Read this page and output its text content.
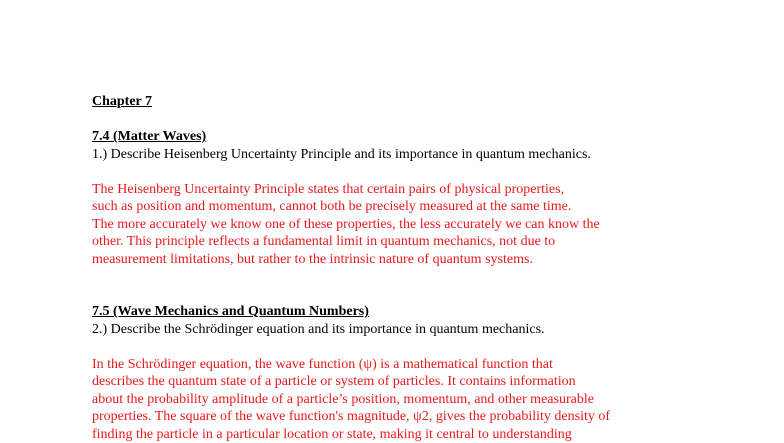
Chapter 7
7.4 (Matter Waves)
1.) Describe Heisenberg Uncertainty Principle and its importance in quantum mechanics.
The Heisenberg Uncertainty Principle states that certain pairs of physical properties,
such as position and momentum, cannot both be precisely measured at the same time.
The more accurately we know one of these properties, the less accurately we can know the
other. This principle reflects a fundamental limit in quantum mechanics, not due to
measurement limitations, but rather to the intrinsic nature of quantum systems.
7.5 (Wave Mechanics and Quantum Numbers)
2.) Describe the Schrödinger equation and its importance in quantum mechanics.
In the Schrödinger equation, the wave function (ψ) is a mathematical function that
describes the quantum state of a particle or system of particles. It contains information
about the probability amplitude of a particle’s position, momentum, and other measurable
properties. The square of the wave function's magnitude, ψ2, gives the probability density of
finding the particle in a particular location or state, making it central to understanding
